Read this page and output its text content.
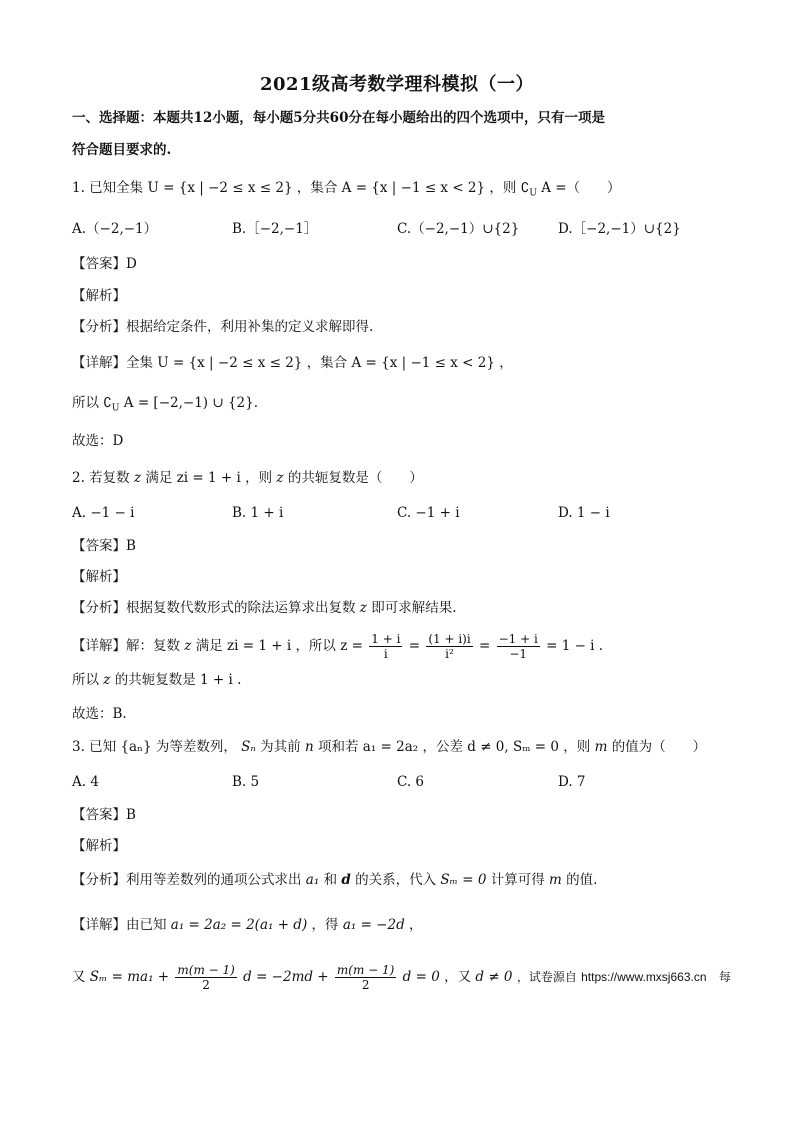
2021级高考数学理科模拟（一）
一、选择题：本题共12小题，每小题5分共60分在每小题给出的四个选项中，只有一项是
符合题目要求的.
1. 已知全集 U = {x | −2 ≤ x ≤ 2} ，集合 A = {x | −1 ≤ x < 2} ，则 $∁_U$ A =（　　）
A.（−2,−1）	B.［−2,−1］	C.（−2,−1）∪{2}	D.［−2,−1）∪{2}
【答案】D
【解析】
【分析】根据给定条件，利用补集的定义求解即得.
【详解】全集 U = {x | −2 ≤ x ≤ 2} ，集合 A = {x | −1 ≤ x < 2} ，
所以 $∁_U$ A = [−2,−1) ∪ {2}.
故选：D
2. 若复数 z 满足 zi = 1 + i ，则 z 的共轭复数是（　　）
A. −1 − i	B. 1 + i	C. −1 + i	D. 1 − i
【答案】B
【解析】
【分析】根据复数代数形式的除法运算求出复数 z 即可求解结果.
【详解】解：复数 z 满足 zi = 1 + i ，所以 $z = \frac{1 + i}{i} = \frac{(1 + i)i}{\text{i²}} = \frac{-1 + i}{-1} = 1 - i$ .
所以 z 的共轭复数是 1 + i .
故选：B.
3. 已知 {aₙ} 为等差数列， Sₙ 为其前 n 项和若 a₁ = 2a₂ ，公差 d ≠ 0, Sₘ = 0 ，则 m 的值为（　　）
A. 4	B. 5	C. 6	D. 7
【答案】B
【解析】
【分析】利用等差数列的通项公式求出 a₁ 和 d 的关系，代入 Sₘ = 0 计算可得 m 的值.
【详解】由已知 a₁ = 2a₂ = 2(a₁ + d) ，得 a₁ = −2d ，
又 $S_m = ma_1 + \frac{m(m - 1)}{2}$ $d = -2md + \frac{m(m - 1)}{2}$ d = 0 ，又 d ≠ 0 ，试卷源自 https://www.mxsj663.cn 每
